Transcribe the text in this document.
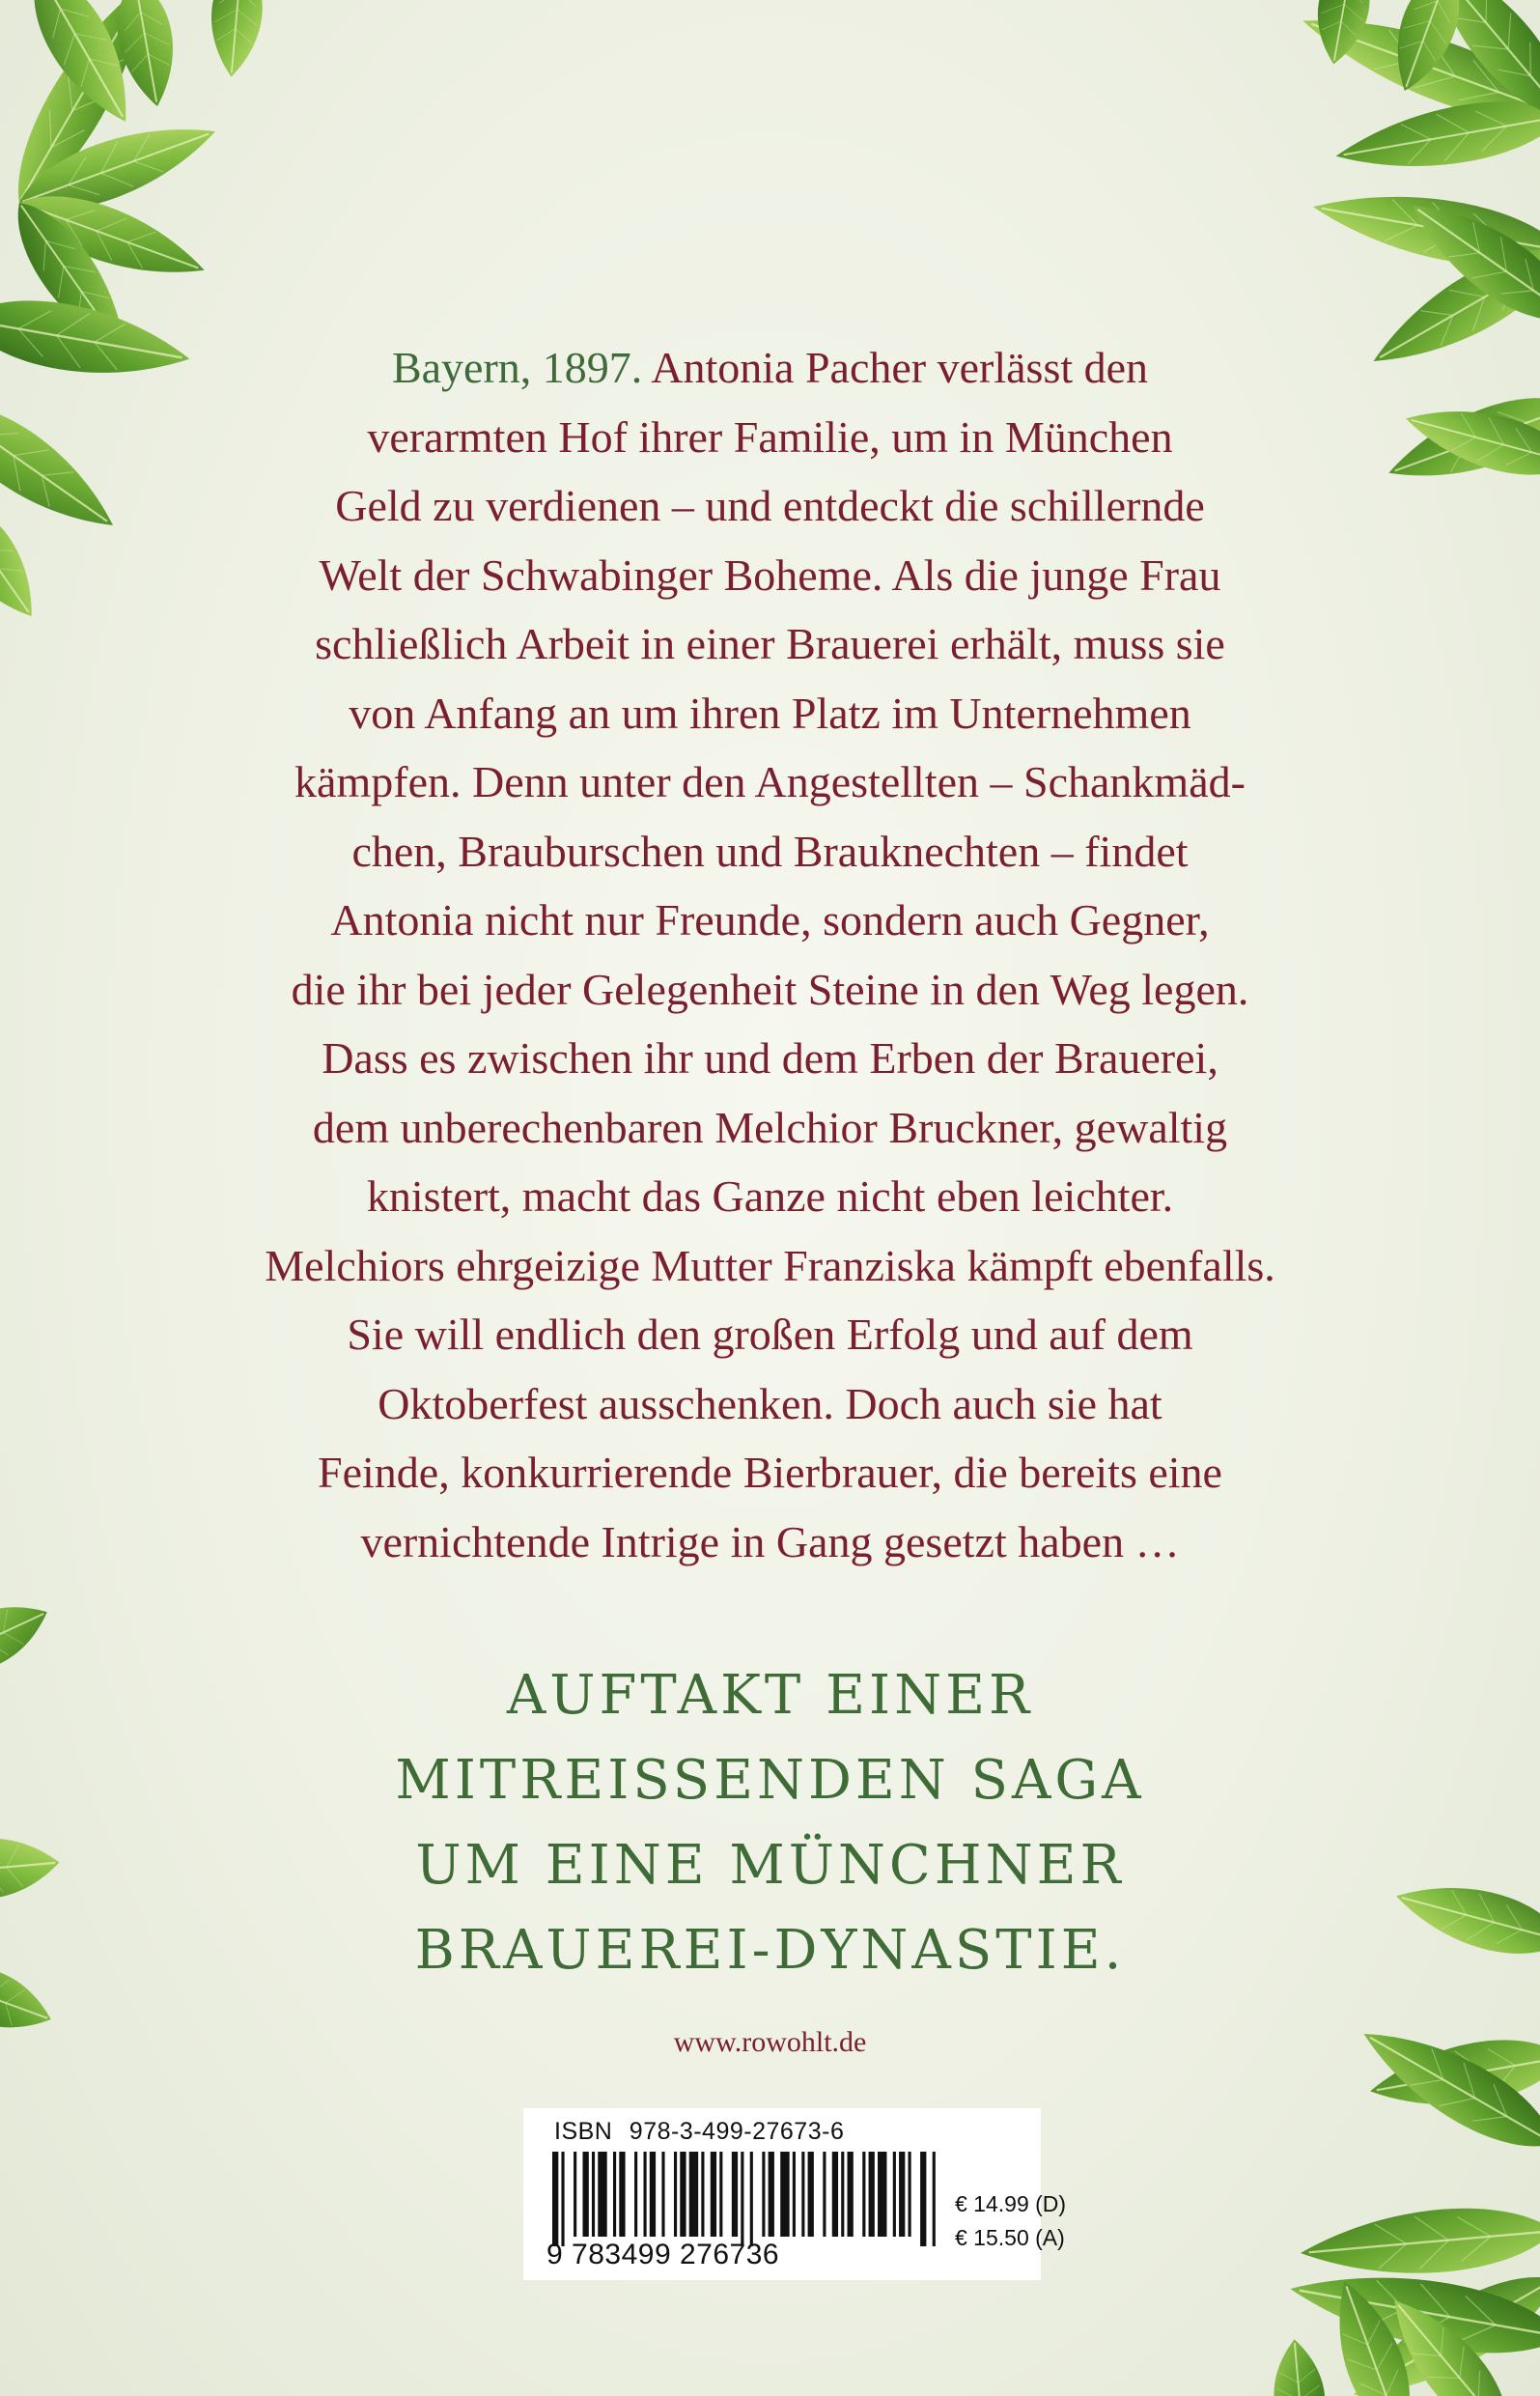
Bayern, 1897. Antonia Pacher verlässt den
verarmten Hof ihrer Familie, um in München
Geld zu verdienen – und entdeckt die schillernde
Welt der Schwabinger Boheme. Als die junge Frau
schließlich Arbeit in einer Brauerei erhält, muss sie
von Anfang an um ihren Platz im Unternehmen
kämpfen. Denn unter den Angestellten – Schankmäd-
chen, Brauburschen und Brauknechten – findet
Antonia nicht nur Freunde, sondern auch Gegner,
die ihr bei jeder Gelegenheit Steine in den Weg legen.
Dass es zwischen ihr und dem Erben der Brauerei,
dem unberechenbaren Melchior Bruckner, gewaltig
knistert, macht das Ganze nicht eben leichter.
Melchiors ehrgeizige Mutter Franziska kämpft ebenfalls.
Sie will endlich den großen Erfolg und auf dem
Oktoberfest ausschenken. Doch auch sie hat
Feinde, konkurrierende Bierbrauer, die bereits eine
vernichtende Intrige in Gang gesetzt haben …

AUFTAKT EINER
MITREISSENDEN SAGA
UM EINE MÜNCHNER
BRAUEREI-DYNASTIE.
www.rowohlt.de
ISBN 978-3-499-27673-6
9 783499 276736
€ 14.99 (D)
€ 15.50 (A)
